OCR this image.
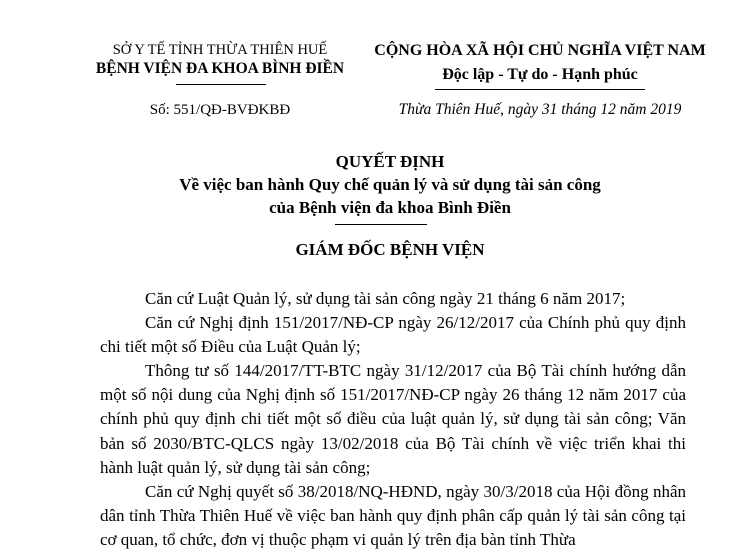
SỞ Y TẾ TỈNH THỪA THIÊN HUẾ
BỆNH VIỆN ĐA KHOA BÌNH ĐIỀN
Số: 551/QĐ-BVĐKBĐ
CỘNG HÒA XÃ HỘI CHỦ NGHĨA VIỆT NAM
Độc lập - Tự do - Hạnh phúc
Thừa Thiên Huế, ngày 31 tháng 12 năm 2019
QUYẾT ĐỊNH
Về việc ban hành Quy chế quản lý và sử dụng tài sản công
của Bệnh viện đa khoa Bình Điền
GIÁM ĐỐC BỆNH VIỆN

Căn cứ Luật Quản lý, sử dụng tài sản công ngày 21 tháng 6 năm 2017;

Căn cứ Nghị định 151/2017/NĐ-CP ngày 26/12/2017 của Chính phủ quy định chi tiết một số Điều của Luật Quản lý;

Thông tư số 144/2017/TT-BTC ngày 31/12/2017 của Bộ Tài chính hướng dẫn một số nội dung của Nghị định số 151/2017/NĐ-CP ngày 26 tháng 12 năm 2017 của chính phủ quy định chi tiết một số điều của luật quản lý, sử dụng tài sản công; Văn bản số 2030/BTC-QLCS ngày 13/02/2018 của Bộ Tài chính về việc triển khai thi hành luật quản lý, sử dụng tài sản công;

Căn cứ Nghị quyết số 38/2018/NQ-HĐND, ngày 30/3/2018 của Hội đồng nhân dân tỉnh Thừa Thiên Huế về việc ban hành quy định phân cấp quản lý tài sản công tại cơ quan, tổ chức, đơn vị thuộc phạm vi quản lý trên địa bàn tỉnh Thừa
